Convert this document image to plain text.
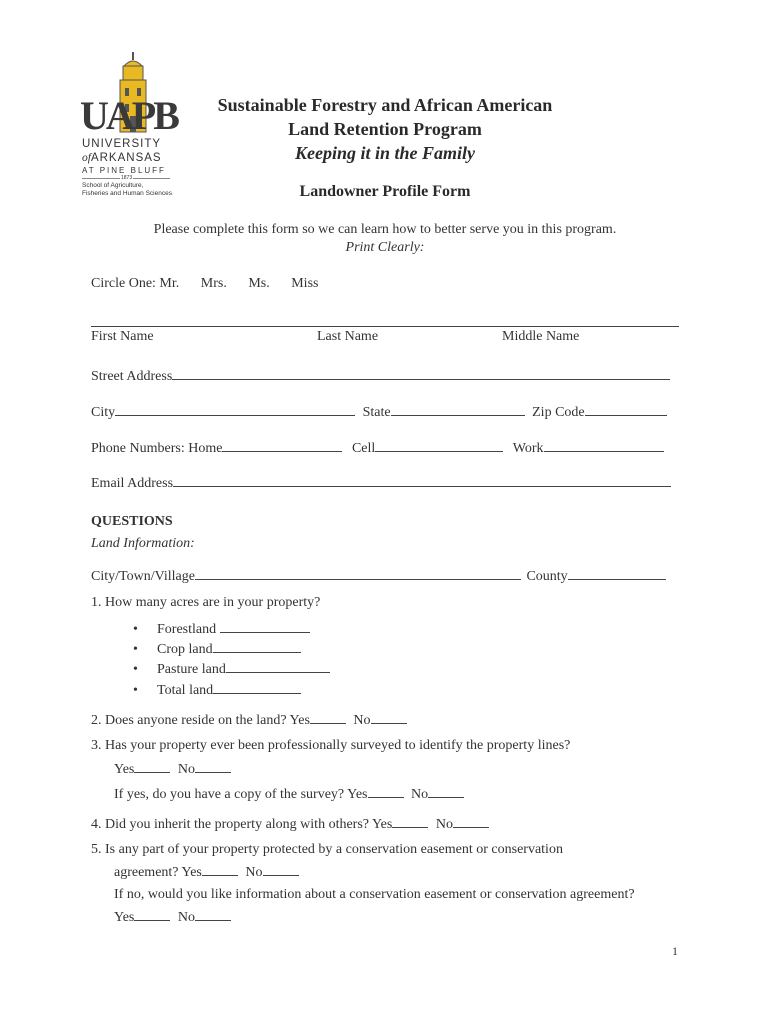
UAPB
UNIVERSITY
ofARKANSAS
AT PINE BLUFF
1873
School of Agriculture,
Fisheries and Human Sciences
Sustainable Forestry and African American
Land Retention Program
Keeping it in the Family
Landowner Profile Form
Please complete this form so we can learn how to better serve you in this program.
Print Clearly:
Circle One: Mr. Mrs. Ms. Miss
First Name	Last Name	Middle Name
Street Address
City	State	Zip Code
Phone Numbers: Home	Cell	Work
Email Address
QUESTIONS
Land Information:
City/Town/Village	County
1. How many acres are in your property?
• Forestland
• Crop land
• Pasture land
• Total land
2. Does anyone reside on the land? Yes	No
3. Has your property ever been professionally surveyed to identify the property lines?
Yes	No
If yes, do you have a copy of the survey? Yes	No
4. Did you inherit the property along with others? Yes	No
5. Is any part of your property protected by a conservation easement or conservation
agreement? Yes	No
If no, would you like information about a conservation easement or conservation agreement?
Yes	No
1
